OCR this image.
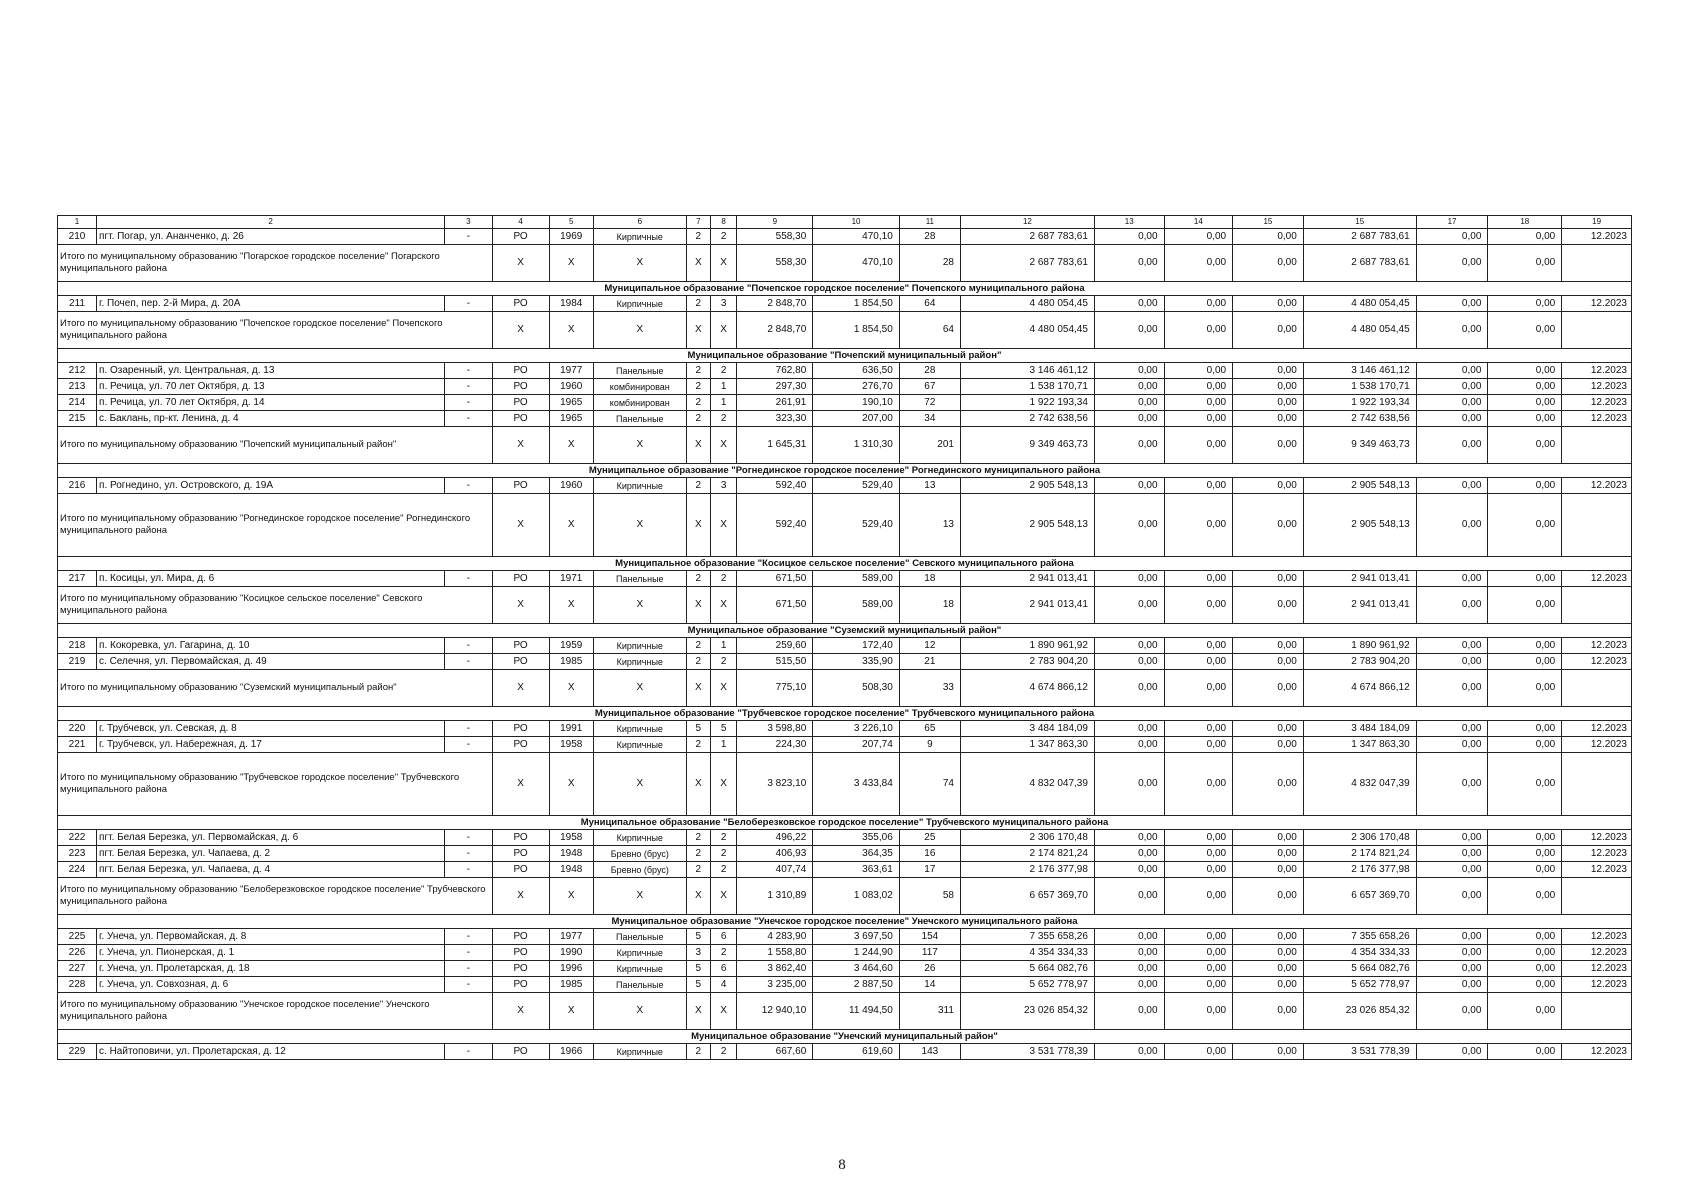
1	2	3	4	5	6	7	8	9	10	11	12	13	14	15	15	17	18	19
210	пгт. Погар, ул. Ананченко, д. 26	-	РО	1969	Кирпичные	2	2	558,30	470,10	28	2 687 783,61	0,00	0,00	0,00	2 687 783,61	0,00	0,00	12.2023
Итого по муниципальному образованию "Погарское городское поселение" Погарского муниципального района			Х	Х	Х	Х	Х	558,30	470,10	28	2 687 783,61	0,00	0,00	0,00	2 687 783,61	0,00	0,00	
Муниципальное образование "Почепское городское поселение" Почепского муниципального района																		
211	г. Почеп, пер. 2-й Мира, д. 20А	-	РО	1984	Кирпичные	2	3	2 848,70	1 854,50	64	4 480 054,45	0,00	0,00	0,00	4 480 054,45	0,00	0,00	12.2023
Итого по муниципальному образованию "Почепское городское поселение" Почепского муниципального района			Х	Х	Х	Х	Х	2 848,70	1 854,50	64	4 480 054,45	0,00	0,00	0,00	4 480 054,45	0,00	0,00	
Муниципальное образование "Почепский муниципальный район"																		
212	п. Озаренный, ул. Центральная, д. 13	-	РО	1977	Панельные	2	2	762,80	636,50	28	3 146 461,12	0,00	0,00	0,00	3 146 461,12	0,00	0,00	12.2023
213	п. Речица, ул. 70 лет Октября, д. 13	-	РО	1960	комбинирован	2	1	297,30	276,70	67	1 538 170,71	0,00	0,00	0,00	1 538 170,71	0,00	0,00	12.2023
214	п. Речица, ул. 70 лет Октября, д. 14	-	РО	1965	комбинирован	2	1	261,91	190,10	72	1 922 193,34	0,00	0,00	0,00	1 922 193,34	0,00	0,00	12.2023
215	с. Баклань, пр-кт. Ленина, д. 4	-	РО	1965	Панельные	2	2	323,30	207,00	34	2 742 638,56	0,00	0,00	0,00	2 742 638,56	0,00	0,00	12.2023
Итого по муниципальному образованию "Почепский муниципальный район"			Х	Х	Х	Х	Х	1 645,31	1 310,30	201	9 349 463,73	0,00	0,00	0,00	9 349 463,73	0,00	0,00	
Муниципальное образование "Рогнединское городское поселение" Рогнединского муниципального района																		
216	п. Рогнедино, ул. Островского, д. 19А	-	РО	1960	Кирпичные	2	3	592,40	529,40	13	2 905 548,13	0,00	0,00	0,00	2 905 548,13	0,00	0,00	12.2023
Итого по муниципальному образованию "Рогнединское городское поселение" Рогнединского муниципального района			Х	Х	Х	Х	Х	592,40	529,40	13	2 905 548,13	0,00	0,00	0,00	2 905 548,13	0,00	0,00	
Муниципальное образование "Косицкое сельское поселение" Севского муниципального района																		
217	п. Косицы, ул. Мира, д. 6	-	РО	1971	Панельные	2	2	671,50	589,00	18	2 941 013,41	0,00	0,00	0,00	2 941 013,41	0,00	0,00	12.2023
Итого по муниципальному образованию "Косицкое сельское поселение" Севского муниципального района			Х	Х	Х	Х	Х	671,50	589,00	18	2 941 013,41	0,00	0,00	0,00	2 941 013,41	0,00	0,00	
Муниципальное образование "Суземский муниципальный район"																		
218	п. Кокоревка, ул. Гагарина, д. 10	-	РО	1959	Кирпичные	2	1	259,60	172,40	12	1 890 961,92	0,00	0,00	0,00	1 890 961,92	0,00	0,00	12.2023
219	с. Селечня, ул. Первомайская, д. 49	-	РО	1985	Кирпичные	2	2	515,50	335,90	21	2 783 904,20	0,00	0,00	0,00	2 783 904,20	0,00	0,00	12.2023
Итого по муниципальному образованию "Суземский муниципальный район"			Х	Х	Х	Х	Х	775,10	508,30	33	4 674 866,12	0,00	0,00	0,00	4 674 866,12	0,00	0,00	
Муниципальное образование "Трубчевское городское поселение" Трубчевского муниципального района																		
220	г. Трубчевск, ул. Севская, д. 8	-	РО	1991	Кирпичные	5	5	3 598,80	3 226,10	65	3 484 184,09	0,00	0,00	0,00	3 484 184,09	0,00	0,00	12.2023
221	г. Трубчевск, ул. Набережная, д. 17	-	РО	1958	Кирпичные	2	1	224,30	207,74	9	1 347 863,30	0,00	0,00	0,00	1 347 863,30	0,00	0,00	12.2023
Итого по муниципальному образованию "Трубчевское городское поселение" Трубчевского муниципального района			Х	Х	Х	Х	Х	3 823,10	3 433,84	74	4 832 047,39	0,00	0,00	0,00	4 832 047,39	0,00	0,00	
Муниципальное образование "Белоберезковское городское поселение" Трубчевского муниципального района																		
222	пгт. Белая Березка, ул. Первомайская, д. 6	-	РО	1958	Кирпичные	2	2	496,22	355,06	25	2 306 170,48	0,00	0,00	0,00	2 306 170,48	0,00	0,00	12.2023
223	пгт. Белая Березка, ул. Чапаева, д. 2	-	РО	1948	Бревно (брус)	2	2	406,93	364,35	16	2 174 821,24	0,00	0,00	0,00	2 174 821,24	0,00	0,00	12.2023
224	пгт. Белая Березка, ул. Чапаева, д. 4	-	РО	1948	Бревно (брус)	2	2	407,74	363,61	17	2 176 377,98	0,00	0,00	0,00	2 176 377,98	0,00	0,00	12.2023
Итого по муниципальному образованию "Белоберезковское городское поселение" Трубчевского муниципального района			Х	Х	Х	Х	Х	1 310,89	1 083,02	58	6 657 369,70	0,00	0,00	0,00	6 657 369,70	0,00	0,00	
Муниципальное образование "Унечское городское поселение" Унечского муниципального района																		
225	г. Унеча, ул. Первомайская, д. 8	-	РО	1977	Панельные	5	6	4 283,90	3 697,50	154	7 355 658,26	0,00	0,00	0,00	7 355 658,26	0,00	0,00	12.2023
226	г. Унеча, ул. Пионерская, д. 1	-	РО	1990	Кирпичные	3	2	1 558,80	1 244,90	117	4 354 334,33	0,00	0,00	0,00	4 354 334,33	0,00	0,00	12.2023
227	г. Унеча, ул. Пролетарская, д. 18	-	РО	1996	Кирпичные	5	6	3 862,40	3 464,60	26	5 664 082,76	0,00	0,00	0,00	5 664 082,76	0,00	0,00	12.2023
228	г. Унеча, ул. Совхозная, д. 6	-	РО	1985	Панельные	5	4	3 235,00	2 887,50	14	5 652 778,97	0,00	0,00	0,00	5 652 778,97	0,00	0,00	12.2023
Итого по муниципальному образованию "Унечское городское поселение" Унечского муниципального района			Х	Х	Х	Х	Х	12 940,10	11 494,50	311	23 026 854,32	0,00	0,00	0,00	23 026 854,32	0,00	0,00	
Муниципальное образование "Унечский муниципальный район"																		
229	с. Найтоповичи, ул. Пролетарская, д. 12	-	РО	1966	Кирпичные	2	2	667,60	619,60	143	3 531 778,39	0,00	0,00	0,00	3 531 778,39	0,00	0,00	12.2023
8
